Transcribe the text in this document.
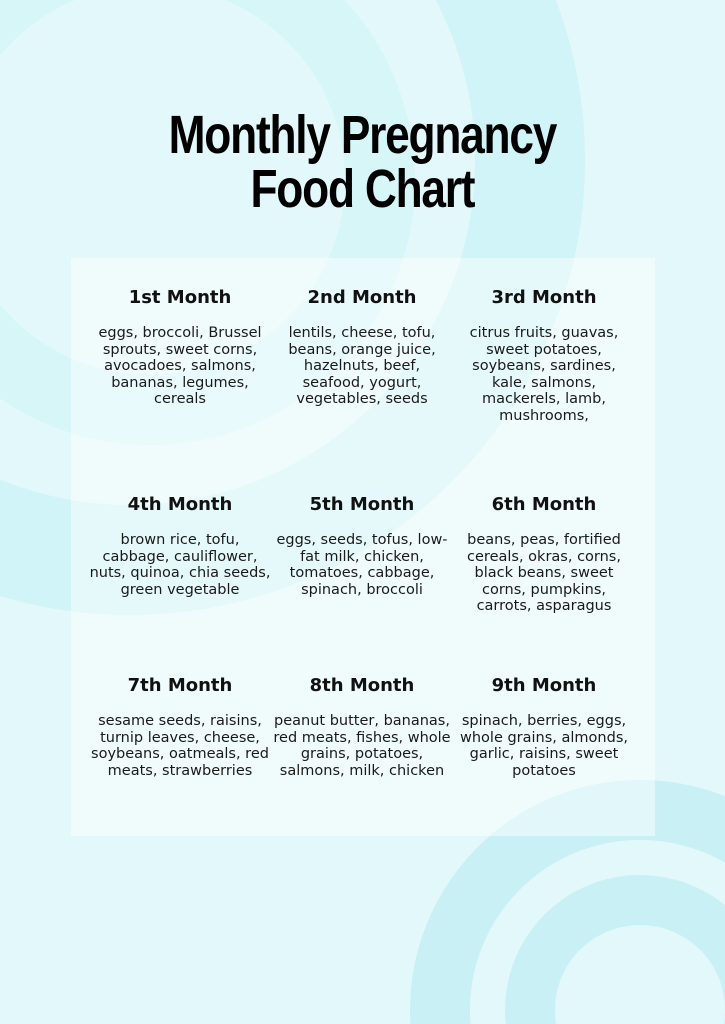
Monthly Pregnancy
Food Chart
1st Month

eggs, broccoli, Brussel sprouts, sweet corns, avocadoes, salmons, bananas, legumes, cereals

2nd Month

lentils, cheese, tofu, beans, orange juice, hazelnuts, beef, seafood, yogurt, vegetables, seeds

3rd Month

citrus fruits, guavas, sweet potatoes, soybeans, sardines, kale, salmons, mackerels, lamb, mushrooms,

4th Month

brown rice, tofu, cabbage, cauliflower, nuts, quinoa, chia seeds, green vegetable

5th Month

eggs, seeds, tofus, low-fat milk, chicken, tomatoes, cabbage, spinach, broccoli

6th Month

beans, peas, fortified cereals, okras, corns, black beans, sweet corns, pumpkins, carrots, asparagus

7th Month

sesame seeds, raisins, turnip leaves, cheese, soybeans, oatmeals, red meats, strawberries

8th Month

peanut butter, bananas, red meats, fishes, whole grains, potatoes, salmons, milk, chicken

9th Month

spinach, berries, eggs, whole grains, almonds, garlic, raisins, sweet potatoes
